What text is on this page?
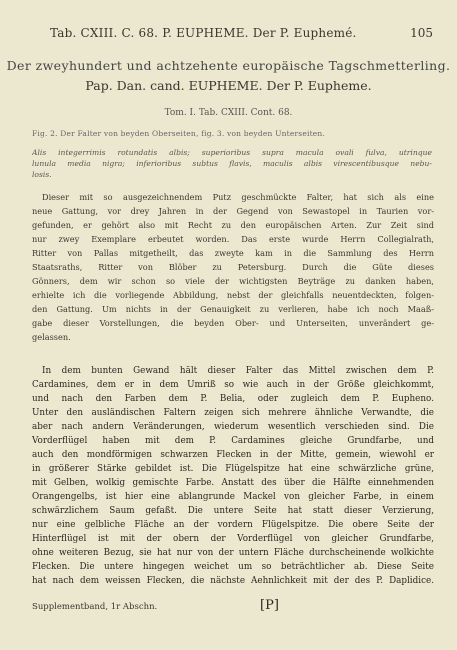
Tab. CXIII. C. 68. P. EUPHEME. Der P. Euphemé.	105
Der zweyhundert und achtzehente europäische Tagschmetterling.
Pap. Dan. cand. EUPHEME. Der P. Eupheme.
Tom. I. Tab. CXIII. Cont. 68.
Fig. 2. Der Falter von beyden Oberseiten, fig. 3. von beyden Unterseiten.
Alis integerrimis rotundatis albis; superioribus supra macula ovali fulva, utrinque
lunula media nigra; inferioribus subtus flavis, maculis albis virescentibusque nebu-
losis.
Dieser mit so ausgezeichnendem Putz geschmückte Falter, hat sich als eine
neue Gattung, vor drey Jahren in der Gegend von Sewastopel in Taurien vor-
gefunden, er gehört also mit Recht zu den europäischen Arten. Zur Zeit sind
nur zwey Exemplare erbeutet worden. Das erste wurde Herrn Collegialrath,
Ritter von Pallas mitgetheilt, das zweyte kam in die Sammlung des Herrn
Staatsraths, Ritter von Blöber zu Petersburg. Durch die Güte dieses
Gönners, dem wir schon so viele der wichtigsten Beyträge zu danken haben,
erhielte ich die vorliegende Abbildung, nebst der gleichfalls neuentdeckten, folgen-
den Gattung. Um nichts in der Genauigkeit zu verlieren, habe ich noch Maaß-
gabe dieser Vorstellungen, die beyden Ober- und Unterseiten, unverändert ge-
gelassen.
In dem bunten Gewand hält dieser Falter das Mittel zwischen dem P.
Cardamines, dem er in dem Umriß so wie auch in der Größe gleichkommt,
und nach den Farben dem P. Belia, oder zugleich dem P. Eupheno.
Unter den ausländischen Faltern zeigen sich mehrere ähnliche Verwandte, die
aber nach andern Veränderungen, wiederum wesentlich verschieden sind. Die
Vorderflügel haben mit dem P. Cardamines gleiche Grundfarbe, und
auch den mondförmigen schwarzen Flecken in der Mitte, gemein, wiewohl er
in größerer Stärke gebildet ist. Die Flügelspitze hat eine schwärzliche grüne,
mit Gelben, wolkig gemischte Farbe. Anstatt des über die Hälfte einnehmenden
Orangengelbs, ist hier eine ablangrunde Mackel von gleicher Farbe, in einem
schwärzlichem Saum gefaßt. Die untere Seite hat statt dieser Verzierung,
nur eine gelbliche Fläche an der vordern Flügelspitze. Die obere Seite der
Hinterflügel ist mit der obern der Vorderflügel von gleicher Grundfarbe,
ohne weiteren Bezug, sie hat nur von der untern Fläche durchscheinende wolkichte
Flecken. Die untere hingegen weichet um so beträchtlicher ab. Diese Seite
hat nach dem weissen Flecken, die nächste Aehnlichkeit mit der des P. Daplidice.
Supplementband, 1r Abschn.	[P]
